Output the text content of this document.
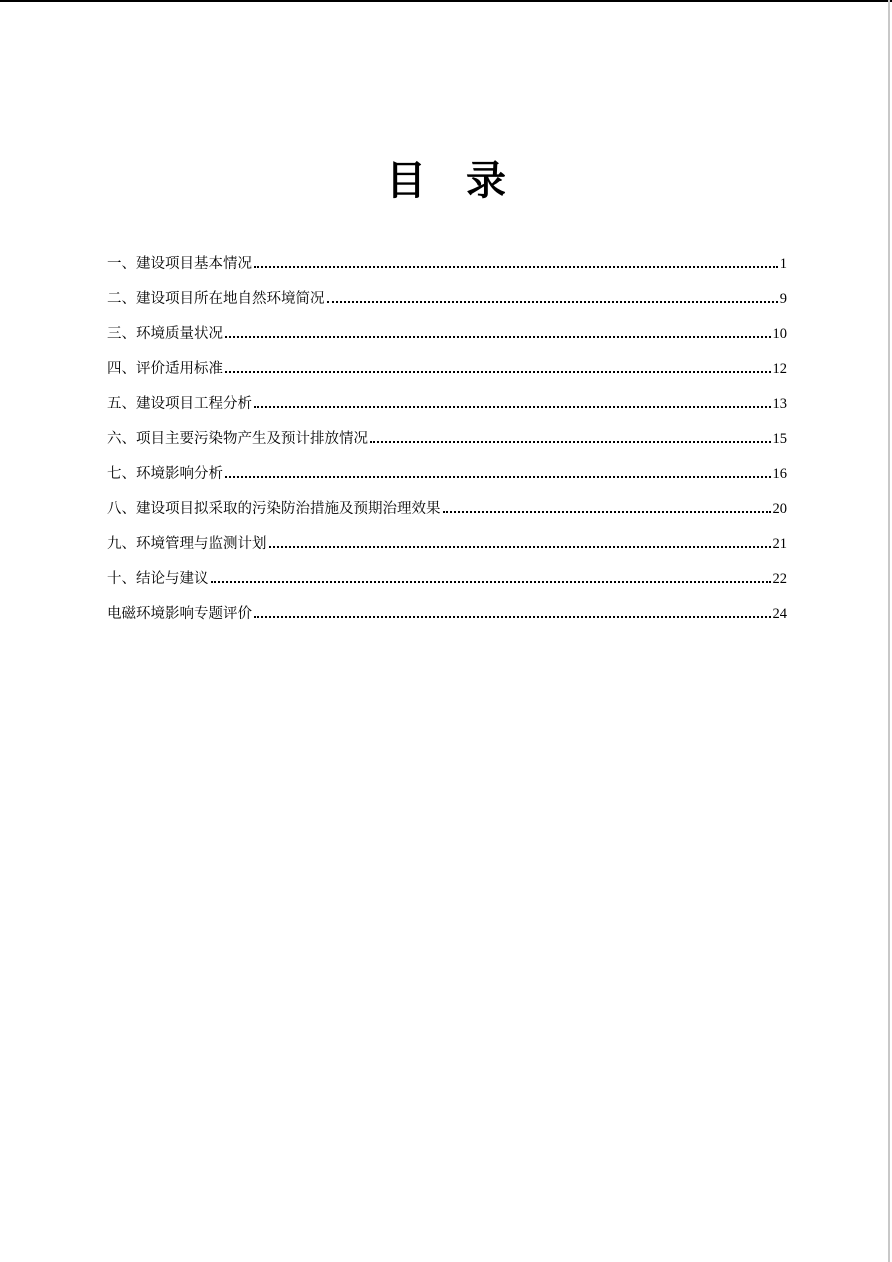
目　录
一、建设项目基本情况	1
二、建设项目所在地自然环境简况	9
三、环境质量状况	10
四、评价适用标准	12
五、建设项目工程分析	13
六、项目主要污染物产生及预计排放情况	15
七、环境影响分析	16
八、建设项目拟采取的污染防治措施及预期治理效果	20
九、环境管理与监测计划	21
十、结论与建议	22
电磁环境影响专题评价	24
